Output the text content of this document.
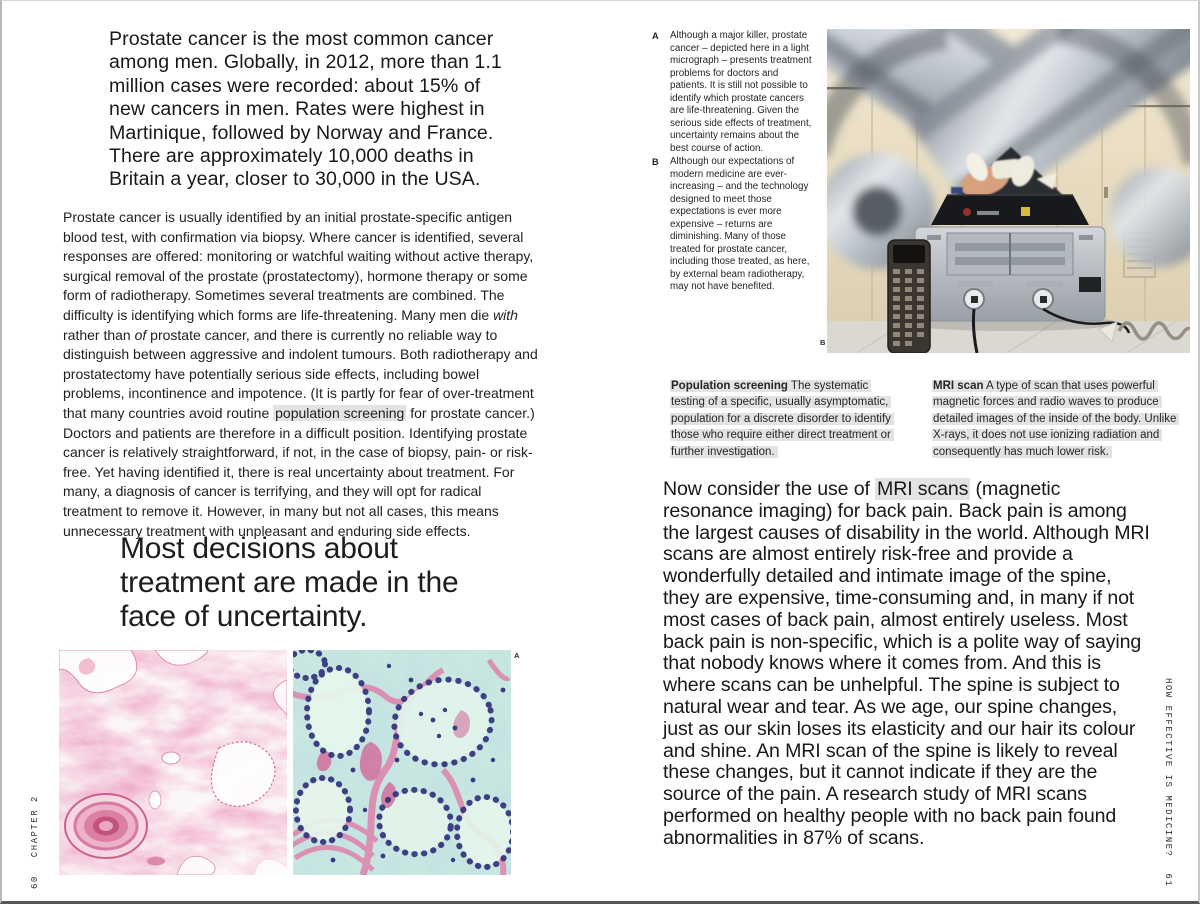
Prostate cancer is the most common cancer among men. Globally, in 2012, more than 1.1 million cases were recorded: about 15% of new cancers in men. Rates were highest in Martinique, followed by Norway and France. There are approximately 10,000 deaths in Britain a year, closer to 30,000 in the USA.

Prostate cancer is usually identified by an initial prostate-specific antigen blood test, with confirmation via biopsy. Where cancer is identified, several responses are offered: monitoring or watchful waiting without active therapy, surgical removal of the prostate (prostatectomy), hormone therapy or some form of radiotherapy. Sometimes several treatments are combined. The difficulty is identifying which forms are life-threatening. Many men die with rather than of prostate cancer, and there is currently no reliable way to distinguish between aggressive and indolent tumours. Both radiotherapy and prostatectomy have potentially serious side effects, including bowel problems, incontinence and impotence. (It is partly for fear of over-treatment that many countries avoid routine population screening for prostate cancer.) Doctors and patients are therefore in a difficult position. Identifying prostate cancer is relatively straightforward, if not, in the case of biopsy, pain- or risk-free. Yet having identified it, there is real uncertainty about treatment. For many, a diagnosis of cancer is terrifying, and they will opt for radical treatment to remove it. However, in many but not all cases, this means unnecessary treatment with unpleasant and enduring side effects.

Most decisions about treatment are made in the face of uncertainty.

A
60
CHAPTER 2
A	Although a major killer, prostate cancer – depicted here in a light micrograph – presents treatment problems for doctors and patients. It is still not possible to identify which prostate cancers are life-threatening. Given the serious side effects of treatment, uncertainty remains about the best course of action.
B	Although our expectations of modern medicine are ever-increasing – and the technology designed to meet those expectations is ever more expensive – returns are diminishing. Many of those treated for prostate cancer, including those treated, as here, by external beam radiotherapy, may not have benefited.
B

Population screening The systematic testing of a specific, usually asymptomatic, population for a discrete disorder to identify those who require either direct treatment or further investigation.

MRI scan A type of scan that uses powerful magnetic forces and radio waves to produce detailed images of the inside of the body. Unlike X-rays, it does not use ionizing radiation and consequently has much lower risk.

Now consider the use of MRI scans (magnetic resonance imaging) for back pain. Back pain is among the largest causes of disability in the world. Although MRI scans are almost entirely risk-free and provide a wonderfully detailed and intimate image of the spine, they are expensive, time-consuming and, in many if not most cases of back pain, almost entirely useless. Most back pain is non-specific, which is a polite way of saying that nobody knows where it comes from. And this is where scans can be unhelpful. The spine is subject to natural wear and tear. As we age, our spine changes, just as our skin loses its elasticity and our hair its colour and shine. An MRI scan of the spine is likely to reveal these changes, but it cannot indicate if they are the source of the pain. A research study of MRI scans performed on healthy people with no back pain found abnormalities in 87% of scans.	HOW EFFECTIVE IS MEDICINE?
61
